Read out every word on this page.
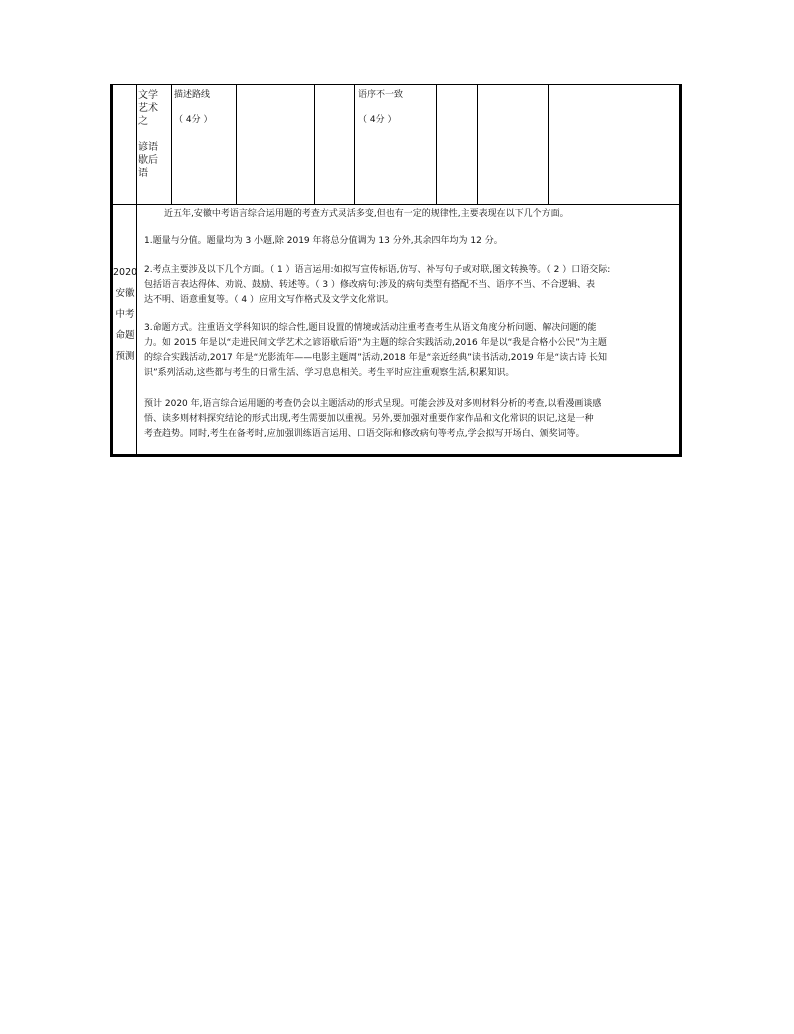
文学
艺术
之
谚语
歇后
语
描述路线
（ 4分 ）
语序不一致
（ 4分 ）
2020
安徽
中考
命题
预测
近五年,安徽中考语言综合运用题的考查方式灵活多变,但也有一定的规律性,主要表现在以下几个方面。
1.题量与分值。题量均为 3 小题,除 2019 年将总分值调为 13 分外,其余四年均为 12 分。
2.考点主要涉及以下几个方面。（ 1 ）语言运用:如拟写宣传标语,仿写、补写句子或对联,图文转换等。（ 2 ）口语交际:
包括语言表达得体、劝说、鼓励、转述等。（ 3 ）修改病句:涉及的病句类型有搭配不当、语序不当、不合逻辑、表
达不明、语意重复等。（ 4 ）应用文写作格式及文学文化常识。
3.命题方式。注重语文学科知识的综合性,题目设置的情境或活动注重考查考生从语文角度分析问题、解决问题的能
力。如 2015 年是以“走进民间文学艺术之谚语歇后语”为主题的综合实践活动,2016 年是以“我是合格小公民”为主题
的综合实践活动,2017 年是“光影流年——电影主题周”活动,2018 年是“亲近经典”读书活动,2019 年是“读古诗 长知
识”系列活动,这些都与考生的日常生活、学习息息相关。考生平时应注重观察生活,积累知识。
预计 2020 年,语言综合运用题的考查仍会以主题活动的形式呈现。可能会涉及对多则材料分析的考查,以看漫画谈感
悟、读多则材料探究结论的形式出现,考生需要加以重视。另外,要加强对重要作家作品和文化常识的识记,这是一种
考查趋势。同时,考生在备考时,应加强训练语言运用、口语交际和修改病句等考点,学会拟写开场白、颁奖词等。
